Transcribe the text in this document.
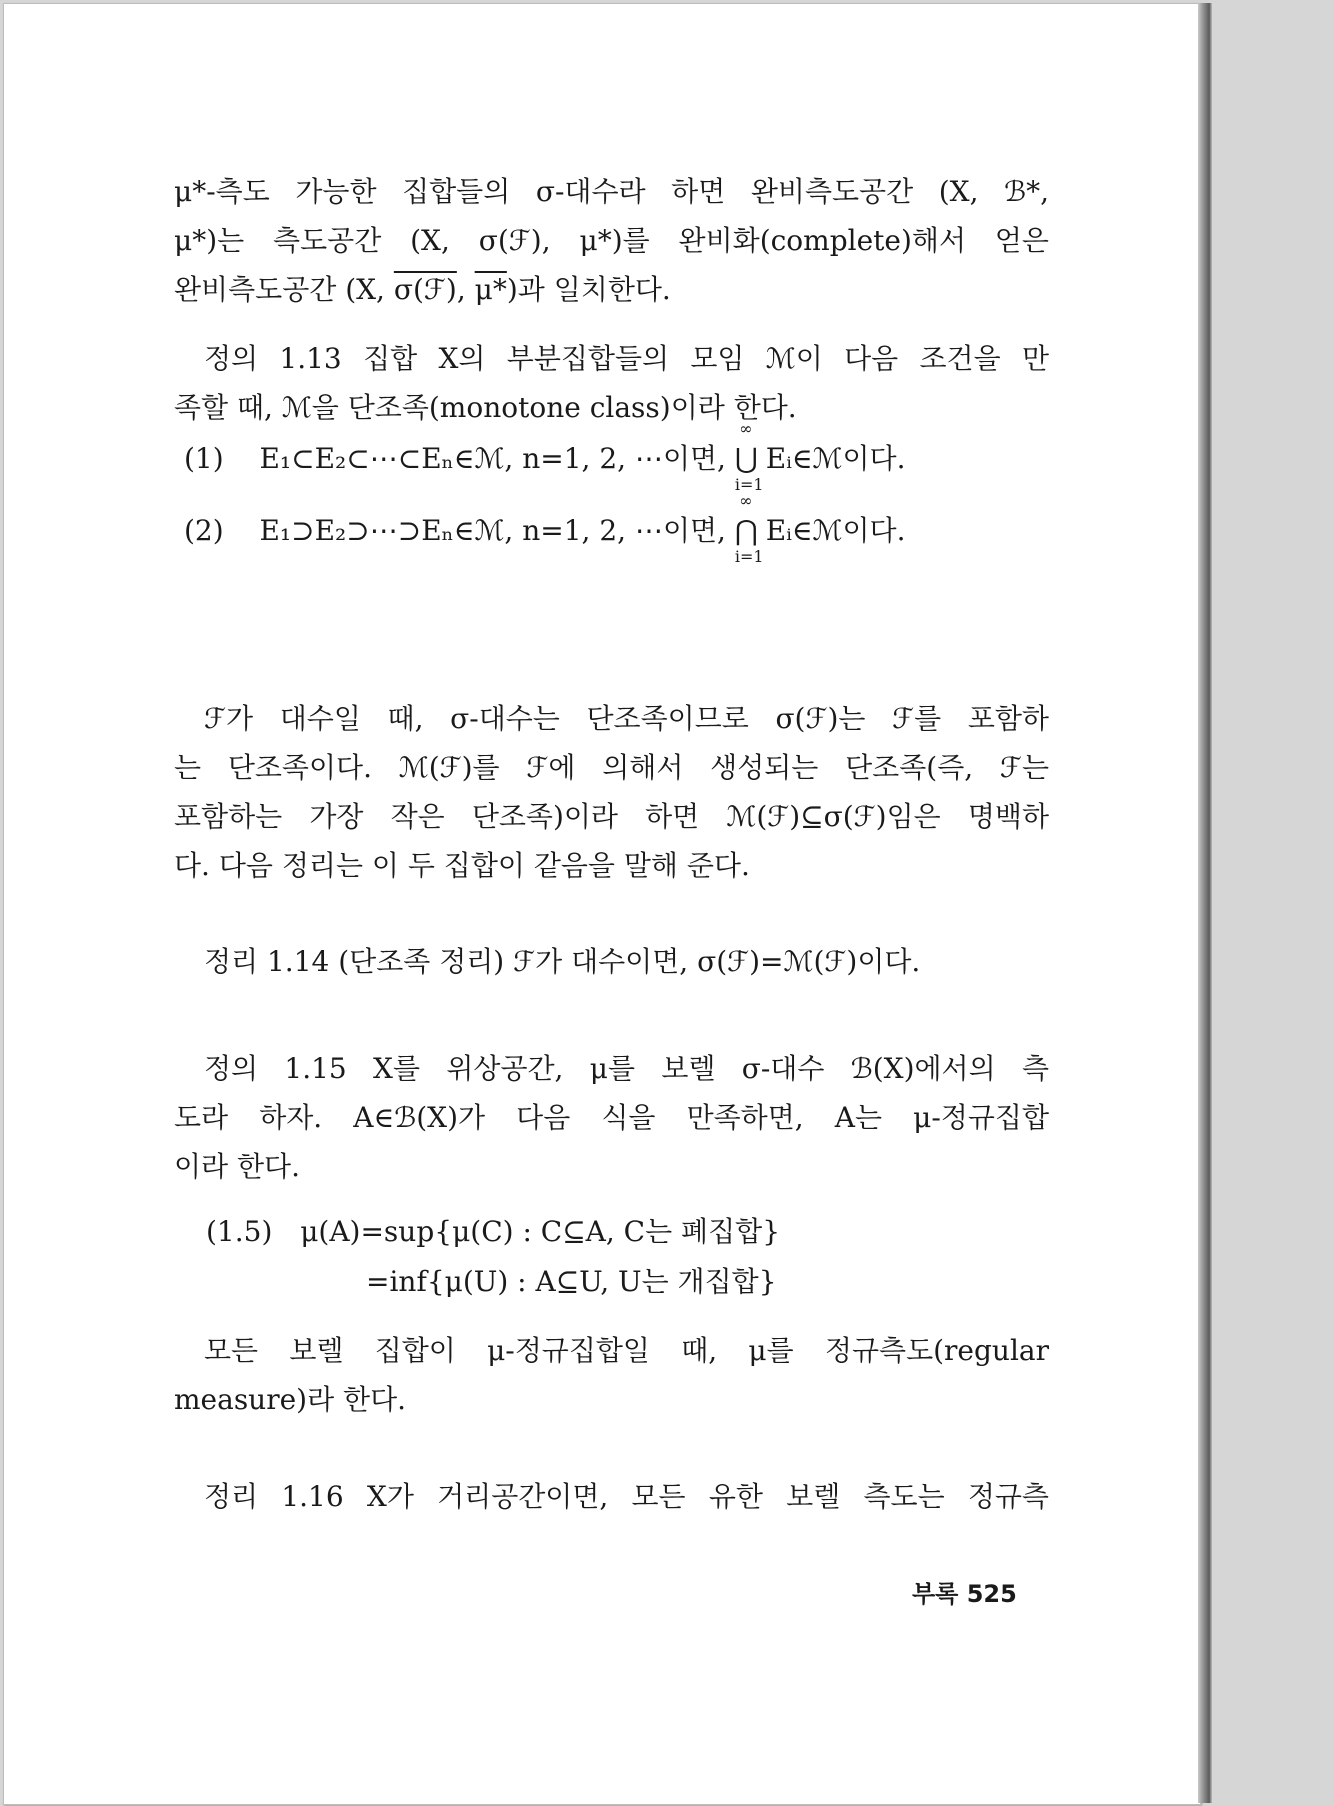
μ*-측도 가능한 집합들의 σ-대수라 하면 완비측도공간 (X, ℬ*,
μ*)는 측도공간 (X, σ(ℱ), μ*)를 완비화(complete)해서 얻은
완비측도공간 (X, σ(ℱ), μ*)과 일치한다.
정의 1.13 집합 X의 부분집합들의 모임 ℳ이 다음 조건을 만
족할 때, ℳ을 단조족(monotone class)이라 한다.
(1) E₁⊂E₂⊂⋯⊂Eₙ∈ℳ, n=1, 2, ⋯이면,
∞
⋃
i=1
Eᵢ∈ℳ이다.
(2) E₁⊃E₂⊃⋯⊃Eₙ∈ℳ, n=1, 2, ⋯이면,
∞
⋂
i=1
Eᵢ∈ℳ이다.
ℱ가 대수일 때, σ-대수는 단조족이므로 σ(ℱ)는 ℱ를 포함하
는 단조족이다. ℳ(ℱ)를 ℱ에 의해서 생성되는 단조족(즉, ℱ는
포함하는 가장 작은 단조족)이라 하면 ℳ(ℱ)⊆σ(ℱ)임은 명백하
다. 다음 정리는 이 두 집합이 같음을 말해 준다.
정리 1.14 (단조족 정리) ℱ가 대수이면, σ(ℱ)=ℳ(ℱ)이다.
정의 1.15 X를 위상공간, μ를 보렐 σ-대수 ℬ(X)에서의 측
도라 하자. A∈ℬ(X)가 다음 식을 만족하면, A는 μ-정규집합
이라 한다.
(1.5) μ(A)=sup{μ(C) : C⊆A, C는 폐집합}
=inf{μ(U) : A⊆U, U는 개집합}
모든 보렐 집합이 μ-정규집합일 때, μ를 정규측도(regular
measure)라 한다.
정리 1.16 X가 거리공간이면, 모든 유한 보렐 측도는 정규측
부록 525
